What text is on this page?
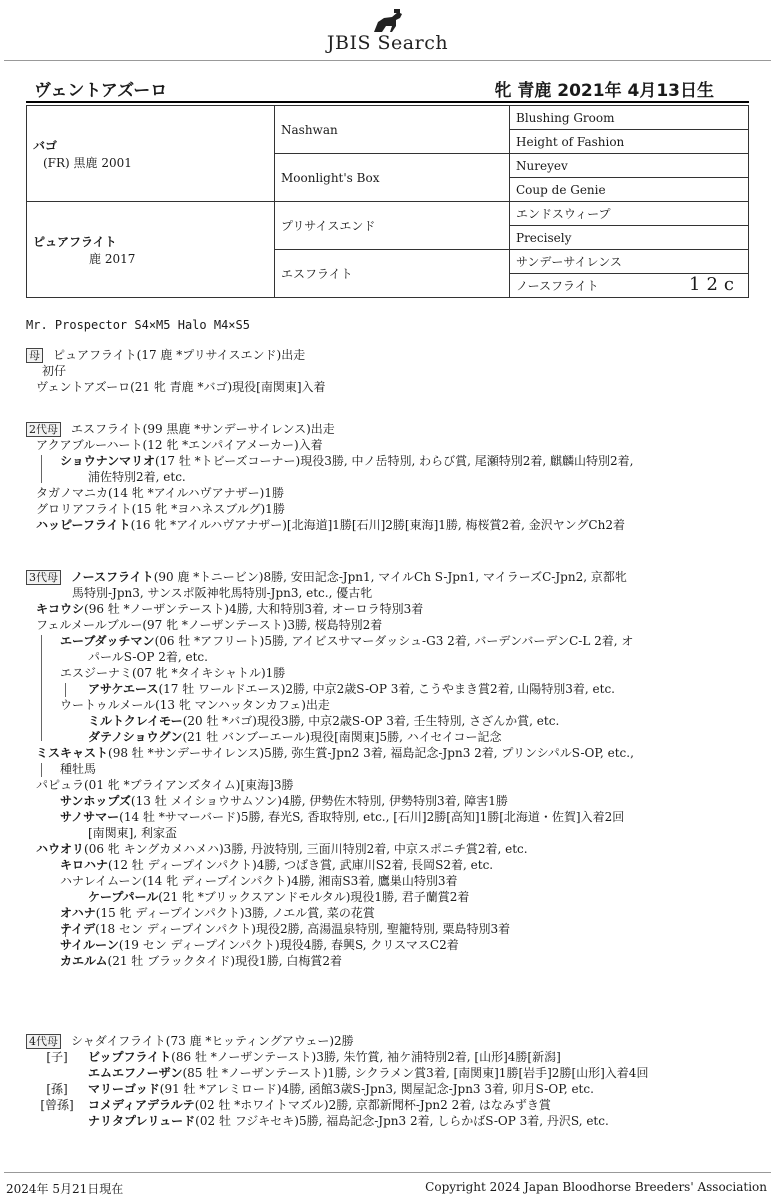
JBIS Search
ヴェントアズーロ	牝 青鹿 2021年 4月13日生
バゴ
(FR) 黒鹿 2001	Nashwan	Blushing Groom
		Height of Fashion
	Moonlight's Box	Nureyev
		Coup de Genie

ピュアフライト
鹿 2017	プリサイスエンド	エンドスウィープ
		Precisely
	エスフライト	サンデーサイレンス
		ノースフライト 12c
Mr. Prospector S4×M5 Halo M4×S5
母 ピュアフライト(17 鹿 *プリサイスエンド)出走
初仔
ヴェントアズーロ(21 牝 青鹿 *バゴ)現役[南関東]入着
2代母 エスフライト(99 黒鹿 *サンデーサイレンス)出走
アクアブルーハート(12 牝 *エンパイアメーカー)入着
ショウナンマリオ(17 牡 *トビーズコーナー)現役3勝, 中ノ岳特別, わらび賞, 尾瀬特別2着, 麒麟山特別2着,
浦佐特別2着, etc.
タガノマニカ(14 牝 *アイルハヴアナザー)1勝
グロリアフライト(15 牝 *ヨハネスブルグ)1勝
ハッピーフライト(16 牝 *アイルハヴアナザー)[北海道]1勝[石川]2勝[東海]1勝, 梅桜賞2着, 金沢ヤングCh2着
3代母 ノースフライト(90 鹿 *トニービン)8勝, 安田記念-Jpn1, マイルCh S-Jpn1, マイラーズC-Jpn2, 京都牝
馬特別-Jpn3, サンスポ阪神牝馬特別-Jpn3, etc., 優古牝
キコウシ(96 牡 *ノーザンテースト)4勝, 大和特別3着, オーロラ特別3着
フェルメールブルー(97 牝 *ノーザンテースト)3勝, 桜島特別2着
エーブダッチマン(06 牡 *アフリート)5勝, アイビスサマーダッシュ-G3 2着, バーデンバーデンC-L 2着, オ
パールS-OP 2着, etc.
エスジーナミ(07 牝 *タイキシャトル)1勝
アサケエース(17 牡 ワールドエース)2勝, 中京2歳S-OP 3着, こうやまき賞2着, 山陽特別3着, etc.
ウートゥルメール(13 牝 マンハッタンカフェ)出走
ミルトクレイモー(20 牡 *バゴ)現役3勝, 中京2歳S-OP 3着, 壬生特別, さざんか賞, etc.
ダテノショウグン(21 牡 バンブーエール)現役[南関東]5勝, ハイセイコー記念
ミスキャスト(98 牡 *サンデーサイレンス)5勝, 弥生賞-Jpn2 3着, 福島記念-Jpn3 2着, プリンシパルS-OP, etc.,
種牡馬
パピュラ(01 牝 *ブライアンズタイム)[東海]3勝
サンホップズ(13 牡 メイショウサムソン)4勝, 伊勢佐木特別, 伊勢特別3着, 障害1勝
サノサマー(14 牡 *サマーバード)5勝, 春光S, 香取特別, etc., [石川]2勝[高知]1勝[北海道・佐賀]入着2回
[南関東], 利家盃
ハウオリ(06 牝 キングカメハメハ)3勝, 丹波特別, 三面川特別2着, 中京スポニチ賞2着, etc.
キロハナ(12 牡 ディープインパクト)4勝, つばき賞, 武庫川S2着, 長岡S2着, etc.
ハナレイムーン(14 牝 ディープインパクト)4勝, 湘南S3着, 鷹巣山特別3着
ケープパール(21 牝 *ブリックスアンドモルタル)現役1勝, 君子蘭賞2着
オハナ(15 牝 ディープインパクト)3勝, ノエル賞, 菜の花賞
テイデ(18 セン ディープインパクト)現役2勝, 高湯温泉特別, 聖籠特別, 粟島特別3着
サイルーン(19 セン ディープインパクト)現役4勝, 春興S, クリスマスC2着
カエルム(21 牡 ブラックタイド)現役1勝, 白梅賞2着
4代母 シャダイフライト(73 鹿 *ヒッティングアウェー)2勝
[子] ビップフライト(86 牡 *ノーザンテースト)3勝, 朱竹賞, 袖ケ浦特別2着, [山形]4勝[新潟]
エムエフノーザン(85 牡 *ノーザンテースト)1勝, シクラメン賞3着, [南関東]1勝[岩手]2勝[山形]入着4回
[孫] マリーゴッド(91 牡 *アレミロード)4勝, 函館3歳S-Jpn3, 関屋記念-Jpn3 3着, 卯月S-OP, etc.
[曾孫] コメディアデラルテ(02 牡 *ホワイトマズル)2勝, 京都新聞杯-Jpn2 2着, はなみずき賞
ナリタプレリュード(02 牡 フジキセキ)5勝, 福島記念-Jpn3 2着, しらかばS-OP 3着, 丹沢S, etc.
2024年 5月21日現在	Copyright 2024 Japan Bloodhorse Breeders' Association
